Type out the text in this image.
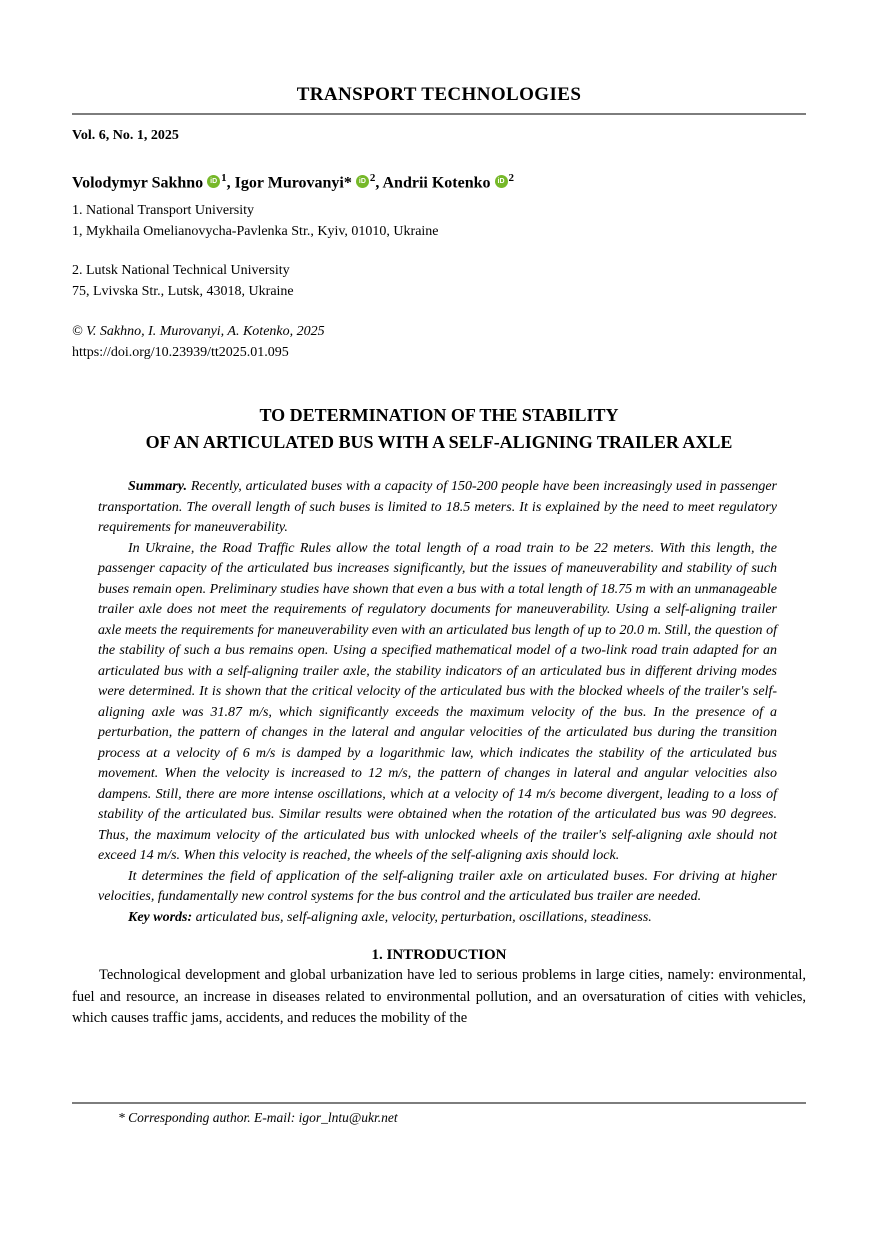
TRANSPORT TECHNOLOGIES
Vol. 6, No. 1, 2025
Volodymyr Sakhno iD $^1$, Igor Murovanyi* iD $^2$, Andrii Kotenko iD $^2$
1. National Transport University
1, Mykhaila Omelianovycha-Pavlenka Str., Kyiv, 01010, Ukraine
2. Lutsk National Technical University
75, Lvivska Str., Lutsk, 43018, Ukraine
© V. Sakhno, I. Murovanyi, A. Kotenko, 2025
https://doi.org/10.23939/tt2025.01.095
TO DETERMINATION OF THE STABILITY
OF AN ARTICULATED BUS WITH A SELF-ALIGNING TRAILER AXLE

Summary. Recently, articulated buses with a capacity of 150-200 people have been increasingly used in passenger transportation. The overall length of such buses is limited to 18.5 meters. It is explained by the need to meet regulatory requirements for maneuverability.

In Ukraine, the Road Traffic Rules allow the total length of a road train to be 22 meters. With this length, the passenger capacity of the articulated bus increases significantly, but the issues of maneuverability and stability of such buses remain open. Preliminary studies have shown that even a bus with a total length of 18.75 m with an unmanageable trailer axle does not meet the requirements of regulatory documents for maneuverability. Using a self-aligning trailer axle meets the requirements for maneuverability even with an articulated bus length of up to 20.0 m. Still, the question of the stability of such a bus remains open. Using a specified mathematical model of a two-link road train adapted for an articulated bus with a self-aligning trailer axle, the stability indicators of an articulated bus in different driving modes were determined. It is shown that the critical velocity of the articulated bus with the blocked wheels of the trailer's self-aligning axle was 31.87 m/s, which significantly exceeds the maximum velocity of the bus. In the presence of a perturbation, the pattern of changes in the lateral and angular velocities of the articulated bus during the transition process at a velocity of 6 m/s is damped by a logarithmic law, which indicates the stability of the articulated bus movement. When the velocity is increased to 12 m/s, the pattern of changes in lateral and angular velocities also dampens. Still, there are more intense oscillations, which at a velocity of 14 m/s become divergent, leading to a loss of stability of the articulated bus. Similar results were obtained when the rotation of the articulated bus was 90 degrees. Thus, the maximum velocity of the articulated bus with unlocked wheels of the trailer's self-aligning axle should not exceed 14 m/s. When this velocity is reached, the wheels of the self-aligning axis should lock.

It determines the field of application of the self-aligning trailer axle on articulated buses. For driving at higher velocities, fundamentally new control systems for the bus control and the articulated bus trailer are needed.

Key words: articulated bus, self-aligning axle, velocity, perturbation, oscillations, steadiness.

1. INTRODUCTION

Technological development and global urbanization have led to serious problems in large cities, namely: environmental, fuel and resource, an increase in diseases related to environmental pollution, and an oversaturation of cities with vehicles, which causes traffic jams, accidents, and reduces the mobility of the

* Corresponding author. E-mail: igor_lntu@ukr.net
